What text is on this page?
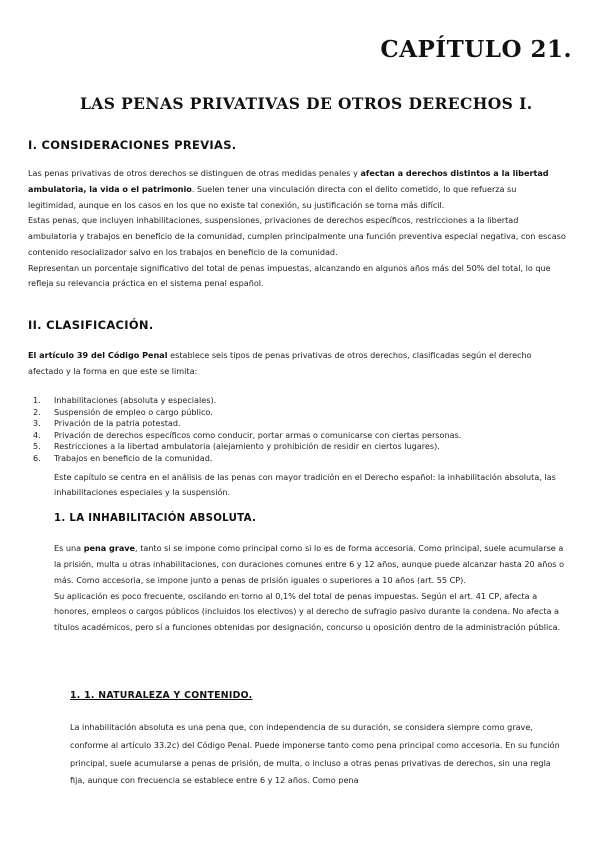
CAPÍTULO 21.
LAS PENAS PRIVATIVAS DE OTROS DERECHOS I.
I. CONSIDERACIONES PREVIAS.

Las penas privativas de otros derechos se distinguen de otras medidas penales y afectan a derechos distintos a la libertad ambulatoria, la vida o el patrimonio. Suelen tener una vinculación directa con el delito cometido, lo que refuerza su legitimidad, aunque en los casos en los que no existe tal conexión, su justificación se torna más difícil.

Estas penas, que incluyen inhabilitaciones, suspensiones, privaciones de derechos específicos, restricciones a la libertad ambulatoria y trabajos en beneficio de la comunidad, cumplen principalmente una función preventiva especial negativa, con escaso contenido resocializador salvo en los trabajos en beneficio de la comunidad.

Representan un porcentaje significativo del total de penas impuestas, alcanzando en algunos años más del 50% del total, lo que refleja su relevancia práctica en el sistema penal español.

II. CLASIFICACIÓN.

El artículo 39 del Código Penal establece seis tipos de penas privativas de otros derechos, clasificadas según el derecho afectado y la forma en que este se limita:

1. Inhabilitaciones (absoluta y especiales).
2. Suspensión de empleo o cargo público.
3. Privación de la patria potestad.
4. Privación de derechos específicos como conducir, portar armas o comunicarse con ciertas personas.
5. Restricciones a la libertad ambulatoria (alejamiento y prohibición de residir en ciertos lugares).
6. Trabajos en beneficio de la comunidad.
Este capítulo se centra en el análisis de las penas con mayor tradición en el Derecho español: la inhabilitación absoluta, las inhabilitaciones especiales y la suspensión.
1. LA INHABILITACIÓN ABSOLUTA.

Es una pena grave, tanto si se impone como principal como si lo es de forma accesoria. Como principal, suele acumularse a la prisión, multa u otras inhabilitaciones, con duraciones comunes entre 6 y 12 años, aunque puede alcanzar hasta 20 años o más. Como accesoria, se impone junto a penas de prisión iguales o superiores a 10 años (art. 55 CP).

Su aplicación es poco frecuente, oscilando en torno al 0,1% del total de penas impuestas. Según el art. 41 CP, afecta a honores, empleos o cargos públicos (incluidos los electivos) y al derecho de sufragio pasivo durante la condena. No afecta a títulos académicos, pero sí a funciones obtenidas por designación, concurso u oposición dentro de la administración pública.

1. 1. NATURALEZA Y CONTENIDO.

La inhabilitación absoluta es una pena que, con independencia de su duración, se considera siempre como grave, conforme al artículo 33.2c) del Código Penal. Puede imponerse tanto como pena principal como accesoria. En su función principal, suele acumularse a penas de prisión, de multa, o incluso a otras penas privativas de derechos, sin una regla fija, aunque con frecuencia se establece entre 6 y 12 años. Como pena
